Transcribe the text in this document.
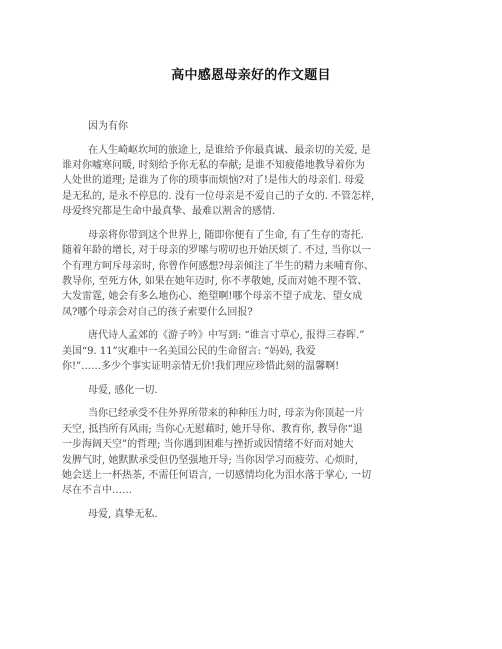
高中感恩母亲好的作文题目

因为有你

在人生崎岖坎坷的旅途上, 是谁给予你最真诚、最亲切的关爱, 是
谁对你嘘寒问暖, 时刻给予你无私的奉献; 是谁不知疲倦地教导着你为
人处世的道理; 是谁为了你的琐事而烦恼?对了!是伟大的母亲们. 母爱
是无私的, 是永不停息的. 没有一位母亲是不爱自己的子女的. 不管怎样,
母爱终究都是生命中最真挚、最难以割舍的感情.

母亲将你带到这个世界上, 随即你便有了生命, 有了生存的寄托.
随着年龄的增长, 对于母亲的罗嗦与唠叨也开始厌烦了. 不过, 当你以一
个有理方呵斥母亲时, 你曾作何感想?母亲倾注了半生的精力来哺育你、
教导你, 至死方休, 如果在她年迈时, 你不孝敬她, 反而对她不理不管、
大发雷霆, 她会有多么地伤心、绝望啊!哪个母亲不望子成龙、望女成
凤?哪个母亲会对自己的孩子索要什么回报?

唐代诗人孟郊的《游子吟》中写到: “谁言寸草心, 报得三春晖.”
美国“9. 11”灾难中一名美国公民的生命留言: “妈妈, 我爱
你!”……多少个事实证明亲情无价!我们理应珍惜此刻的温馨啊!

母爱, 感化一切.

当你已经承受不住外界所带来的种种压力时, 母亲为你顶起一片
天空, 抵挡所有风雨; 当你心无慰藉时, 她开导你、教育你, 教导你“退
一步海阔天空”的哲理; 当你遇到困难与挫折或因情绪不好而对她大
发脾气时, 她默默承受但仍坚强地开导; 当你因学习而疲劳、心烦时,
她会送上一杯热茶, 不需任何语言, 一切感情均化为泪水落于掌心, 一切
尽在不言中……

母爱, 真挚无私.
